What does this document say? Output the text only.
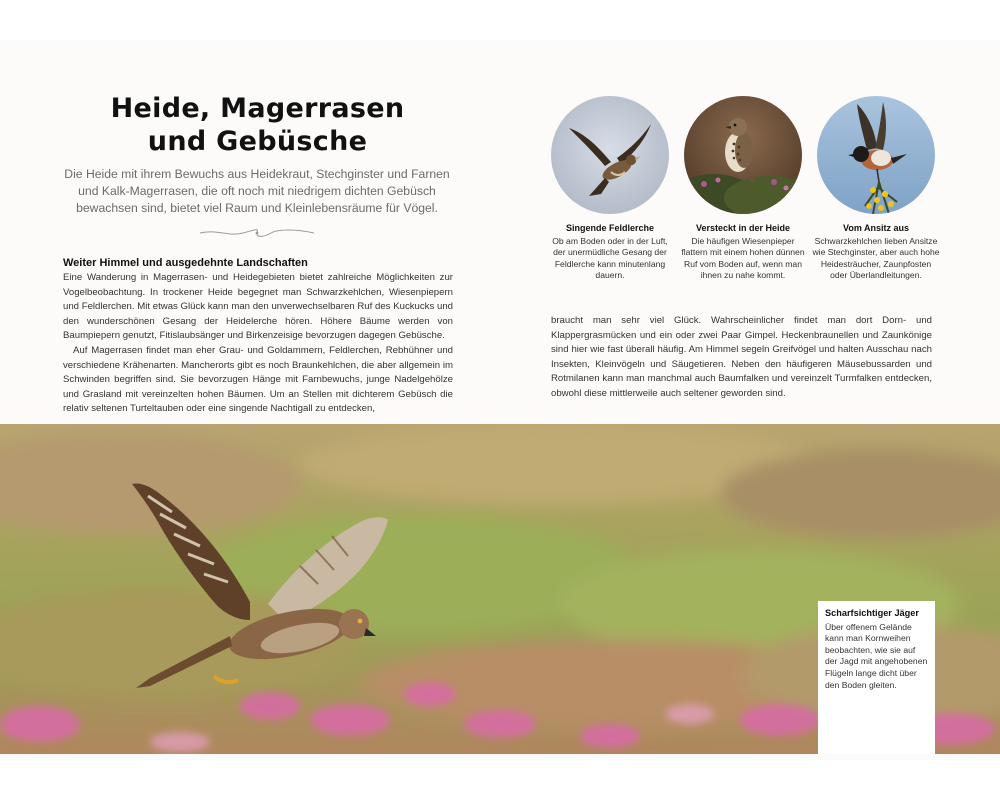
Heide, Magerrasen
und Gebüsche

Die Heide mit ihrem Bewuchs aus Heidekraut, Stechginster und Farnen und Kalk-Magerrasen, die oft noch mit niedrigem dichten Gebüsch bewachsen sind, bietet viel Raum und Kleinlebensräume für Vögel.

Weiter Himmel und ausgedehnte Landschaften

Eine Wanderung in Magerrasen- und Heidegebieten bietet zahlreiche Möglichkeiten zur Vogelbeobachtung. In trockener Heide begegnet man Schwarzkehlchen, Wiesenpiepern und Feldlerchen. Mit etwas Glück kann man den unverwechselbaren Ruf des Kuckucks und den wunderschönen Gesang der Heidelerche hören. Höhere Bäume werden von Baumpiepern genutzt, Fitislaubsänger und Birkenzeisige bevorzugen dagegen Gebüsche.

Auf Magerrasen findet man eher Grau- und Goldammern, Feldlerchen, Rebhühner und verschiedene Krähenarten. Mancherorts gibt es noch Braunkehlchen, die aber allgemein im Schwinden begriffen sind. Sie bevorzugen Hänge mit Farnbewuchs, junge Nadelgehölze und Grasland mit vereinzelten hohen Bäumen. Um an Stellen mit dichterem Gebüsch die relativ seltenen Turteltauben oder eine singende Nachtigall zu entdecken,

braucht man sehr viel Glück. Wahrscheinlicher findet man dort Dorn- und Klappergrasmücken und ein oder zwei Paar Gimpel. Heckenbraunellen und Zaunkönige sind hier wie fast überall häufig. Am Himmel segeln Greifvögel und halten Ausschau nach Insekten, Kleinvögeln und Säugetieren. Neben den häufigeren Mäusebussarden und Rotmilanen kann man manchmal auch Baumfalken und vereinzelt Turmfalken entdecken, obwohl diese mittlerweile auch seltener geworden sind.

Singende Feldlerche
Ob am Boden oder in der Luft, der unermüdliche Gesang der Feldlerche kann minutenlang dauern.

Versteckt in der Heide
Die häufigen Wiesenpieper flattern mit einem hohen dünnen Ruf vom Boden auf, wenn man ihnen zu nahe kommt.

Vom Ansitz aus
Schwarzkehlchen lieben Ansitze wie Stechginster, aber auch hohe Heidesträucher, Zaunpfosten oder Überlandleitungen.

Scharfsichtiger Jäger
Über offenem Gelände kann man Kornweihen beobachten, wie sie auf der Jagd mit angehobenen Flügeln lange dicht über den Boden gleiten.
